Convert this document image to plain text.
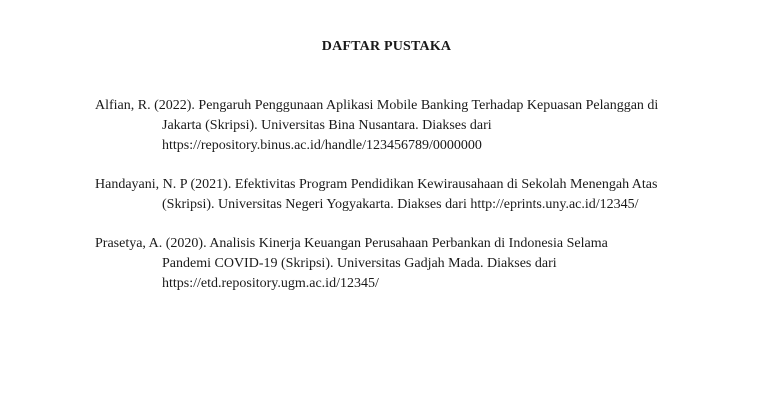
DAFTAR PUSTAKA
Alfian, R. (2022). Pengaruh Penggunaan Aplikasi Mobile Banking Terhadap Kepuasan Pelanggan di
Jakarta (Skripsi). Universitas Bina Nusantara. Diakses dari
https://repository.binus.ac.id/handle/123456789/0000000
Handayani, N. P (2021). Efektivitas Program Pendidikan Kewirausahaan di Sekolah Menengah Atas
(Skripsi). Universitas Negeri Yogyakarta. Diakses dari http://eprints.uny.ac.id/12345/
Prasetya, A. (2020). Analisis Kinerja Keuangan Perusahaan Perbankan di Indonesia Selama
Pandemi COVID-19 (Skripsi). Universitas Gadjah Mada. Diakses dari
https://etd.repository.ugm.ac.id/12345/
